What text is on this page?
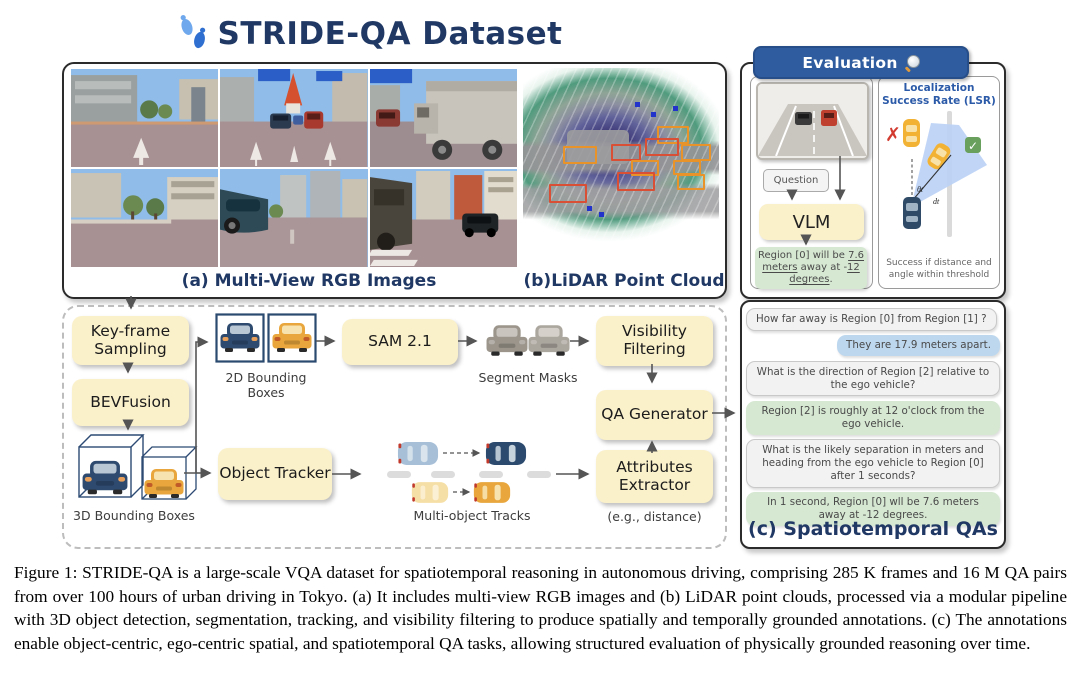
STRIDE-QA Dataset
(a) Multi-View RGB Images	(b)LiDAR Point Cloud
Evaluation
Question
VLM
Region [0] will be 7.6 meters away at -12 degrees.
Localization Success Rate (LSR)
✗	✓
θt
dt
Success if distance and angle within threshold
Key-frame Sampling
BEVFusion
SAM 2.1
Visibility Filtering
QA Generator
Object Tracker	Attributes Extractor
2D Bounding Boxes
Segment Masks
3D Bounding Boxes	Multi-object Tracks	(e.g., distance)
How far away is Region [0] from Region [1] ?
They are 17.9 meters apart.
What is the direction of Region [2] relative to the ego vehicle?
Region [2] is roughly at 12 o'clock from the ego vehicle.
What is the likely separation in meters and heading from the ego vehicle to Region [0] after 1 seconds?
In 1 second, Region [0] wll be 7.6 meters away at -12 degrees.
(c) Spatiotemporal QAs
Figure 1: STRIDE-QA is a large-scale VQA dataset for spatiotemporal reasoning in autonomous driving, comprising 285 K frames and 16 M QA pairs from over 100 hours of urban driving in Tokyo. (a) It includes multi-view RGB images and (b) LiDAR point clouds, processed via a modular pipeline with 3D object detection, segmentation, tracking, and visibility filtering to produce spatially and temporally grounded annotations. (c) The annotations enable object-centric, ego-centric spatial, and spatiotemporal QA tasks, allowing structured evaluation of physically grounded reasoning over time.
